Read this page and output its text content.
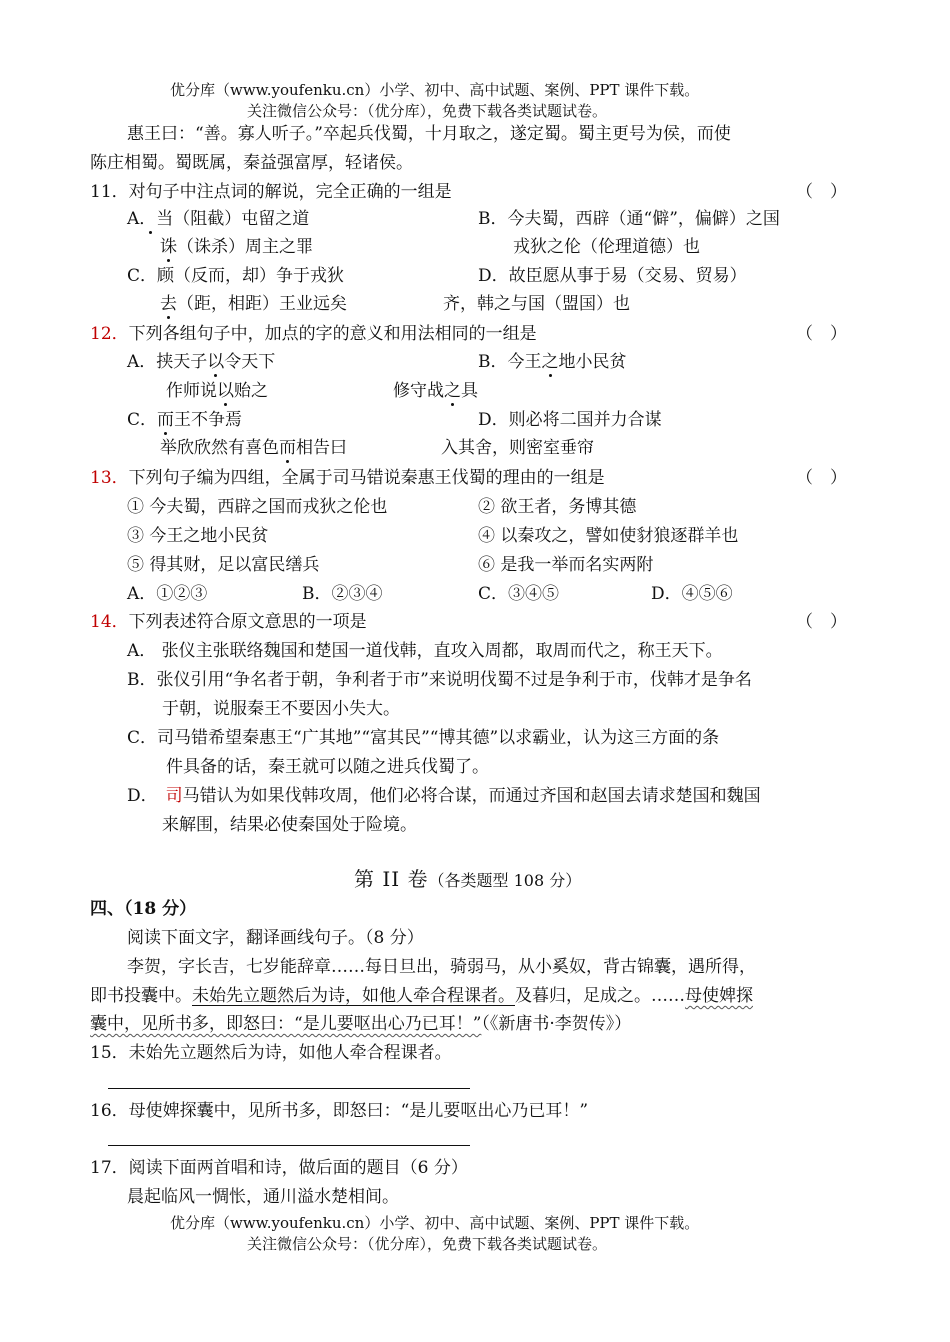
优分库（www.youfenku.cn）小学、初中、高中试题、案例、PPT 课件下载。
关注微信公众号：（优分库），免费下载各类试题试卷。
惠王曰：“善。寡人听子。”卒起兵伐蜀，十月取之，遂定蜀。蜀主更号为侯，而使
陈庄相蜀。蜀既属，秦益强富厚，轻诸侯。
11．对句子中注点词的解说，完全正确的一组是	（　）
A．当（阻截）屯留之道
诛（诛杀）周主之罪
B．今夫蜀，西辟（通“僻”，偏僻）之国
戎狄之伦（伦理道德）也
C．顾（反而，却）争于戎狄
去（距，相距）王业远矣
D．故臣愿从事于易（交易、贸易）
齐，韩之与国（盟国）也
12．下列各组句子中，加点的字的意义和用法相同的一组是	（　）
A．挟天子以令天下
作师说以贻之
B．今王之地小民贫
修守战之具
C．而王不争焉
举欣欣然有喜色而相告曰
D．则必将二国并力合谋
入其舍，则密室垂帘
13．下列句子编为四组，全属于司马错说秦惠王伐蜀的理由的一组是	（　）
① 今夫蜀，西辟之国而戎狄之伦也	② 欲王者，务博其德
③ 今王之地小民贫	④ 以秦攻之，譬如使豺狼逐群羊也
⑤ 得其财，足以富民缮兵	⑥ 是我一举而名实两附
A．①②③	B．②③④	C．③④⑤	D．④⑤⑥
14．下列表述符合原文意思的一项是	（　）
A． 张仪主张联络魏国和楚国一道伐韩，直攻入周都，取周而代之，称王天下。
B．张仪引用“争名者于朝，争利者于市”来说明伐蜀不过是争利于市，伐韩才是争名
于朝，说服秦王不要因小失大。
C．司马错希望秦惠王“广其地”“富其民”“博其德”以求霸业，认为这三方面的条
件具备的话，秦王就可以随之进兵伐蜀了。
D． 司马错认为如果伐韩攻周，他们必将合谋，而通过齐国和赵国去请求楚国和魏国
来解围，结果必使秦国处于险境。
第 II 卷（各类题型 108 分）
四、（18 分）
阅读下面文字，翻译画线句子。（8 分）
李贺，字长吉，七岁能辞章……每日旦出，骑弱马，从小奚奴，背古锦囊，遇所得，
即书投囊中。未始先立题然后为诗，如他人牵合程课者。及暮归，足成之。……母使婢探
囊中，见所书多，即怒曰：“是儿要呕出心乃已耳！”（《新唐书·李贺传》）
15．未始先立题然后为诗，如他人牵合程课者。
16．母使婢探囊中，见所书多，即怒曰：“是儿要呕出心乃已耳！”
17．阅读下面两首唱和诗，做后面的题目（6 分）
晨起临风一惆怅，通川溢水楚相间。
优分库（www.youfenku.cn）小学、初中、高中试题、案例、PPT 课件下载。
关注微信公众号：（优分库），免费下载各类试题试卷。
